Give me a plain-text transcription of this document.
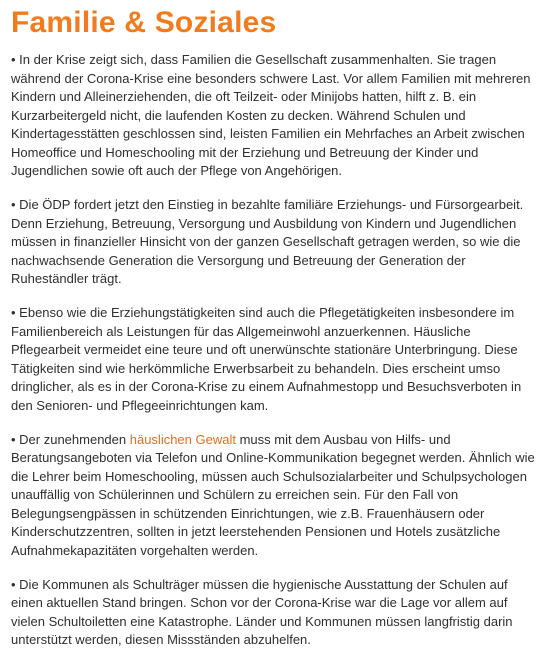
Familie & Soziales

• In der Krise zeigt sich, dass Familien die Gesellschaft zusammenhalten. Sie tragen während der Corona-Krise eine besonders schwere Last. Vor allem Familien mit mehreren Kindern und Alleinerziehenden, die oft Teilzeit- oder Minijobs hatten, hilft z. B. ein Kurzarbeitergeld nicht, die laufenden Kosten zu decken. Während Schulen und Kindertagesstätten geschlossen sind, leisten Familien ein Mehrfaches an Arbeit zwischen Homeoffice und Homeschooling mit der Erziehung und Betreuung der Kinder und Jugendlichen sowie oft auch der Pflege von Angehörigen.

• Die ÖDP fordert jetzt den Einstieg in bezahlte familiäre Erziehungs- und Fürsorgearbeit. Denn Erziehung, Betreuung, Versorgung und Ausbildung von Kindern und Jugendlichen müssen in finanzieller Hinsicht von der ganzen Gesellschaft getragen werden, so wie die nachwachsende Generation die Versorgung und Betreuung der Generation der Ruheständler trägt.

• Ebenso wie die Erziehungstätigkeiten sind auch die Pflegetätigkeiten insbesondere im Familienbereich als Leistungen für das Allgemeinwohl anzuerkennen. Häusliche Pflegearbeit vermeidet eine teure und oft unerwünschte stationäre Unterbringung. Diese Tätigkeiten sind wie herkömmliche Erwerbsarbeit zu behandeln. Dies erscheint umso dringlicher, als es in der Corona-Krise zu einem Aufnahmestopp und Besuchsverboten in den Senioren- und Pflegeeinrichtungen kam.

• Der zunehmenden häuslichen Gewalt muss mit dem Ausbau von Hilfs- und Beratungsangeboten via Telefon und Online-Kommunikation begegnet werden. Ähnlich wie die Lehrer beim Homeschooling, müssen auch Schulsozialarbeiter und Schulpsychologen unauffällig von Schülerinnen und Schülern zu erreichen sein. Für den Fall von Belegungsengpässen in schützenden Einrichtungen, wie z.B. Frauenhäusern oder Kinderschutzzentren, sollten in jetzt leerstehenden Pensionen und Hotels zusätzliche Aufnahmekapazitäten vorgehalten werden.

• Die Kommunen als Schulträger müssen die hygienische Ausstattung der Schulen auf einen aktuellen Stand bringen. Schon vor der Corona-Krise war die Lage vor allem auf vielen Schultoiletten eine Katastrophe. Länder und Kommunen müssen langfristig darin unterstützt werden, diesen Missständen abzuhelfen.
